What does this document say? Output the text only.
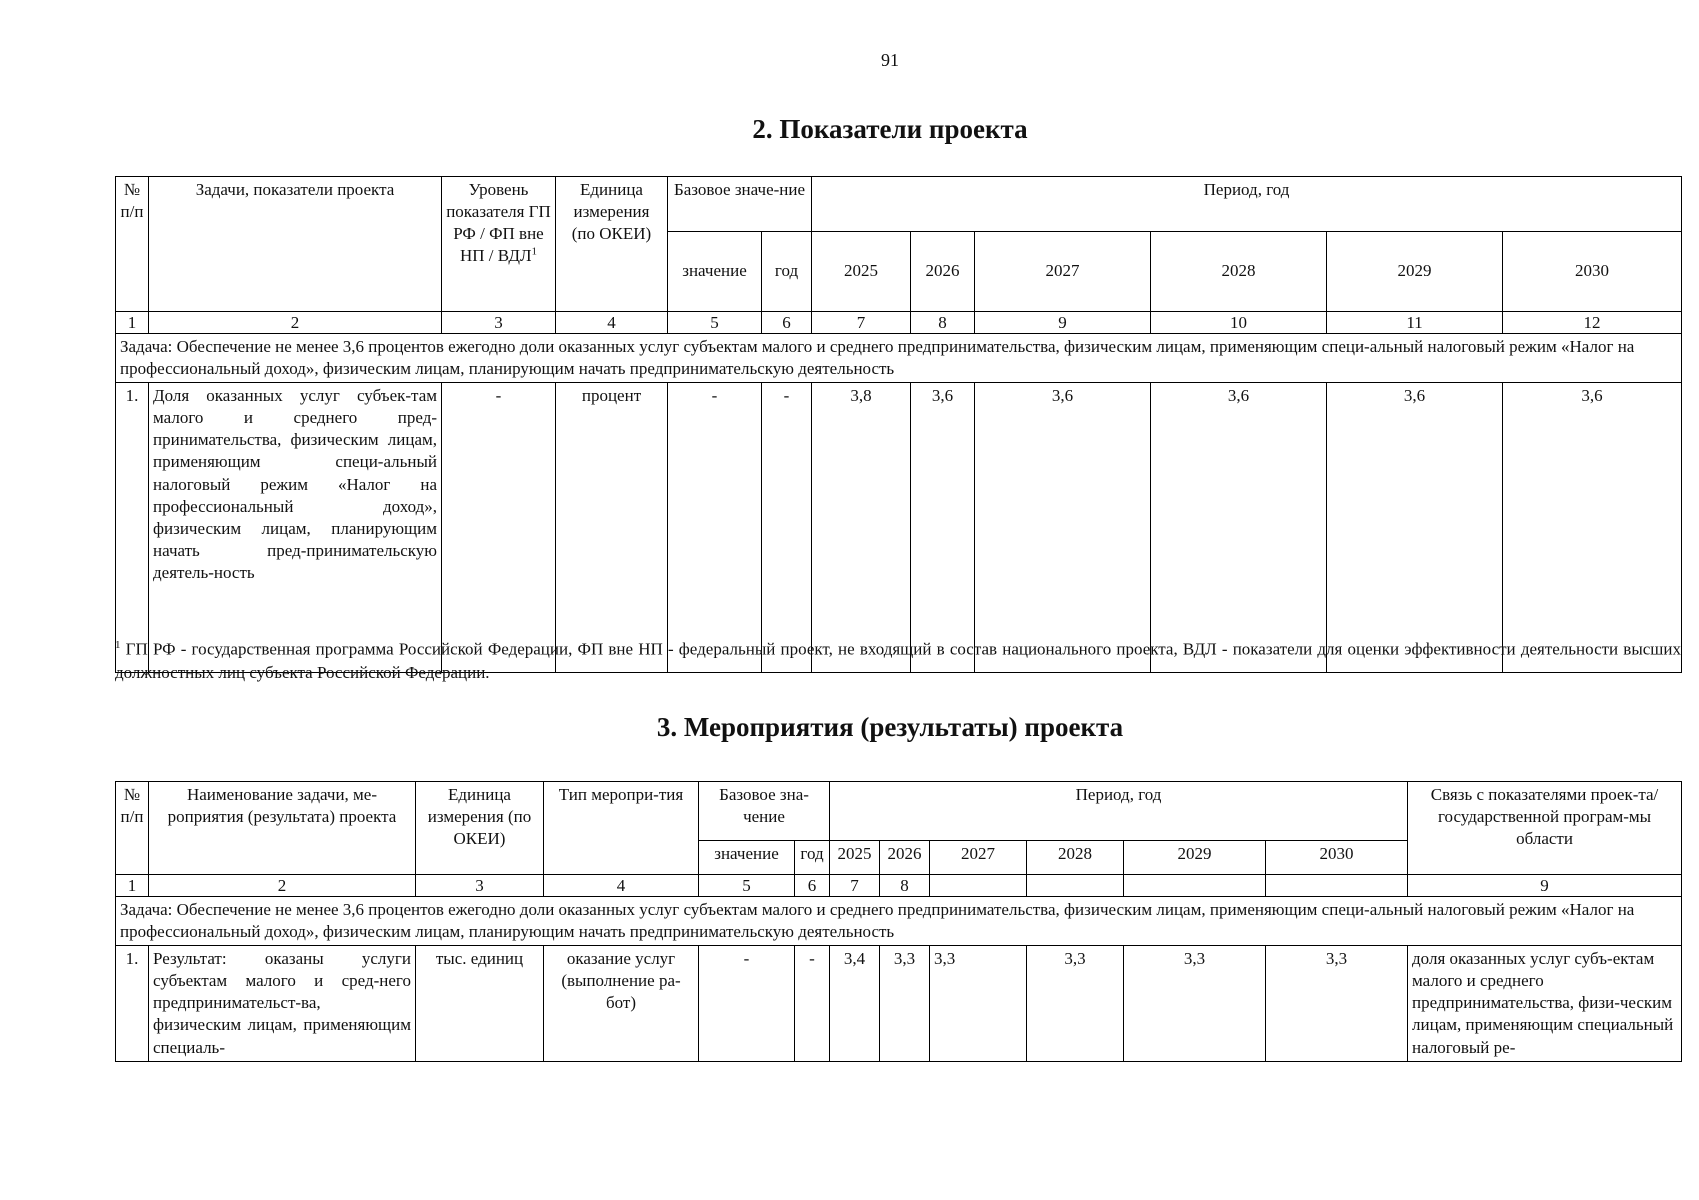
91
2. Показатели проекта
№ п/п	Задачи, показатели проекта	Уровень показателя ГП РФ / ФП вне НП / ВДЛ$^1$	Единица измерения (по ОКЕИ)	Базовое значе-ние		Период, год					
				значение	год	2025	2026	2027	2028	2029	2030
1	2	3	4	5	6	7	8	9	10	11	12
Задача: Обеспечение не менее 3,6 процентов ежегодно доли оказанных услуг субъектам малого и среднего предпринимательства, физическим лицам, применяющим специ-альный налоговый режим «Налог на профессиональный доход», физическим лицам, планирующим начать предпринимательскую деятельность											
1.	Доля оказанных услуг субъек-там малого и среднего пред-принимательства, физическим лицам, применяющим специ-альный налоговый режим «Налог на профессиональный доход», физическим лицам, планирующим начать пред-принимательскую деятель-ность	-	процент	-	-	3,8	3,6	3,6	3,6	3,6	3,6
$^1$ ГП РФ - государственная программа Российской Федерации, ФП вне НП - федеральный проект, не входящий в состав национального проекта, ВДЛ - показатели для оценки эффективности деятельности высших должностных лиц субъекта Российской Федерации.
3. Мероприятия (результаты) проекта
№ п/п	Наименование задачи, ме-роприятия (результата) проекта	Единица измерения (по ОКЕИ)	Тип меропри-тия	Базовое зна-чение		Период, год						Связь с показателями проек-та/государственной програм-мы области
				значение	год	2025	2026	2027	2028	2029	2030	
1	2	3	4	5	6	7	8					9
Задача: Обеспечение не менее 3,6 процентов ежегодно доли оказанных услуг субъектам малого и среднего предпринимательства, физическим лицам, применяющим специ-альный налоговый режим «Налог на профессиональный доход», физическим лицам, планирующим начать предпринимательскую деятельность												
1.	Результат: оказаны услуги субъектам малого и сред-него предпринимательст-ва, физическим лицам, применяющим специаль-	тыс. единиц	оказание услуг (выполнение ра-бот)	-	-	3,4	3,3	3,3	3,3	3,3	3,3	доля оказанных услуг субъ-ектам малого и среднего предпринимательства, физи-ческим лицам, применяющим специальный налоговый ре-
